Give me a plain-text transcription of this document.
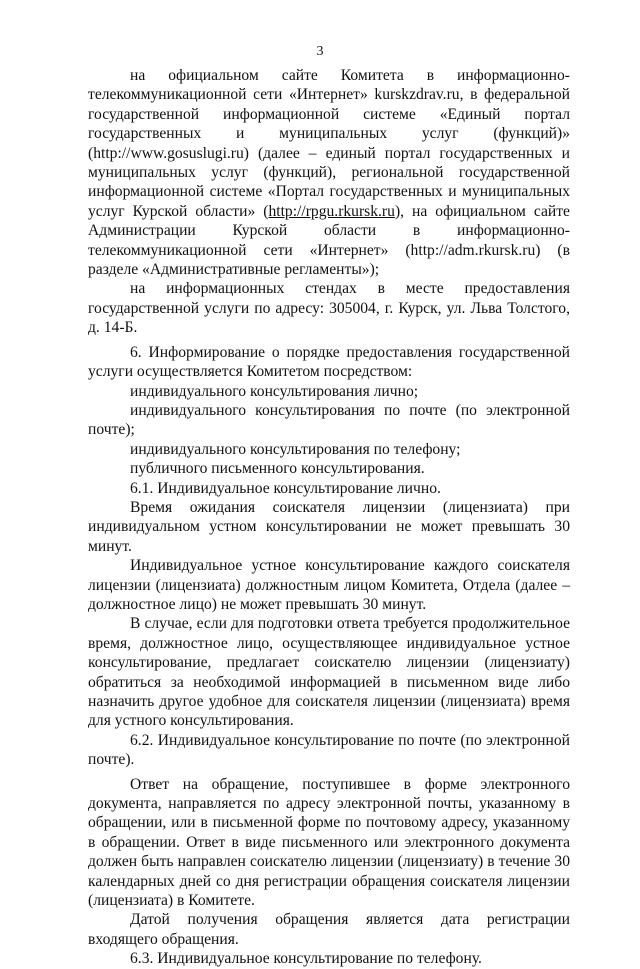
3

на официальном сайте Комитета в информационно-телекоммуникационной сети «Интернет» kurskzdrav.ru, в федеральной государственной информационной системе «Единый портал государственных и муниципальных услуг (функций)» (http://www.gosuslugi.ru) (далее – единый портал государственных и муниципальных услуг (функций), региональной государственной информационной системе «Портал государственных и муниципальных услуг Курской области» (http://rpgu.rkursk.ru), на официальном сайте Администрации Курской области в информационно-телекоммуникационной сети «Интернет» (http://adm.rkursk.ru) (в разделе «Административные регламенты»);

на информационных стендах в месте предоставления государственной услуги по адресу: 305004, г. Курск, ул. Льва Толстого, д. 14-Б.

6. Информирование о порядке предоставления государственной услуги осуществляется Комитетом посредством:

индивидуального консультирования лично;

индивидуального консультирования по почте (по электронной почте);

индивидуального консультирования по телефону;

публичного письменного консультирования.

6.1. Индивидуальное консультирование лично.

Время ожидания соискателя лицензии (лицензиата) при индивидуальном устном консультировании не может превышать 30 минут.

Индивидуальное устное консультирование каждого соискателя лицензии (лицензиата) должностным лицом Комитета, Отдела (далее – должностное лицо) не может превышать 30 минут.

В случае, если для подготовки ответа требуется продолжительное время, должностное лицо, осуществляющее индивидуальное устное консультирование, предлагает соискателю лицензии (лицензиату) обратиться за необходимой информацией в письменном виде либо назначить другое удобное для соискателя лицензии (лицензиата) время для устного консультирования.

6.2. Индивидуальное консультирование по почте (по электронной почте).

Ответ на обращение, поступившее в форме электронного документа, направляется по адресу электронной почты, указанному в обращении, или в письменной форме по почтовому адресу, указанному в обращении. Ответ в виде письменного или электронного документа должен быть направлен соискателю лицензии (лицензиату) в течение 30 календарных дней со дня регистрации обращения соискателя лицензии (лицензиата) в Комитете.

Датой получения обращения является дата регистрации входящего обращения.

6.3. Индивидуальное консультирование по телефону.
